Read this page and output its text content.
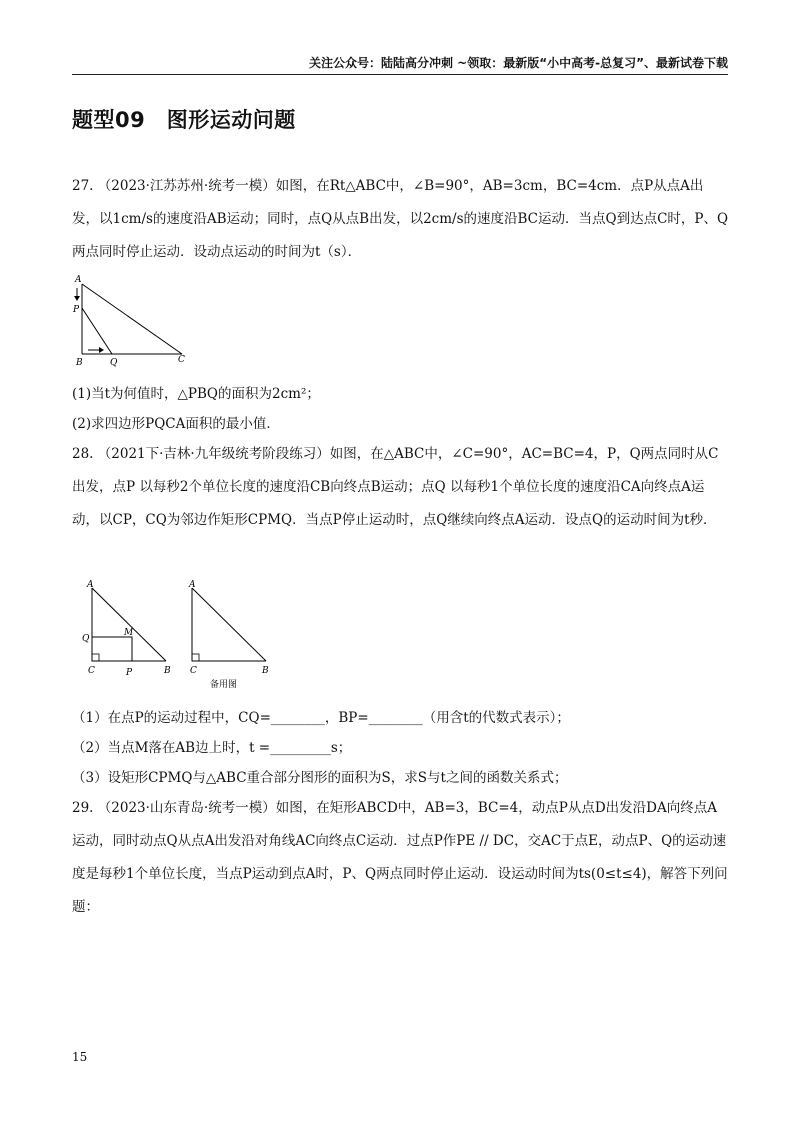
关注公众号：陆陆高分冲刺 ~领取：最新版“小中高考-总复习”、最新试卷下载
题型09　图形运动问题
27. （2023·江苏苏州·统考一模）如图，在Rt△ABC中，∠B=90°，AB=3cm，BC=4cm．点P从点A出发，以1cm/s的速度沿AB运动；同时，点Q从点B出发，以2cm/s的速度沿BC运动．当点Q到达点C时，P、Q两点同时停止运动．设动点运动的时间为t（s）．
A
P
B	Q	C
(1)当t为何值时，△PBQ的面积为2cm²；
(2)求四边形PQCA面积的最小值．
28. （2021下·吉林·九年级统考阶段练习）如图，在△ABC中，∠C=90°，AC=BC=4，P，Q两点同时从C出发，点P 以每秒2个单位长度的速度沿CB向终点B运动；点Q 以每秒1个单位长度的速度沿CA向终点A运动，以CP，CQ为邻边作矩形CPMQ．当点P停止运动时，点Q继续向终点A运动．设点Q的运动时间为t秒．
A
Q
M
C	P	B
A
C	B
备用图
（1）在点P的运动过程中，CQ=________，BP=________（用含t的代数式表示）；
（2）当点M落在AB边上时，t =_________s；
（3）设矩形CPMQ与△ABC重合部分图形的面积为S，求S与t之间的函数关系式；
29. （2023·山东青岛·统考一模）如图，在矩形ABCD中，AB=3，BC=4，动点P从点D出发沿DA向终点A运动，同时动点Q从点A出发沿对角线AC向终点C运动．过点P作PE // DC，交AC于点E，动点P、Q的运动速度是每秒1个单位长度，当点P运动到点A时，P、Q两点同时停止运动．设运动时间为ts(0≤t≤4)，解答下列问题：
15
